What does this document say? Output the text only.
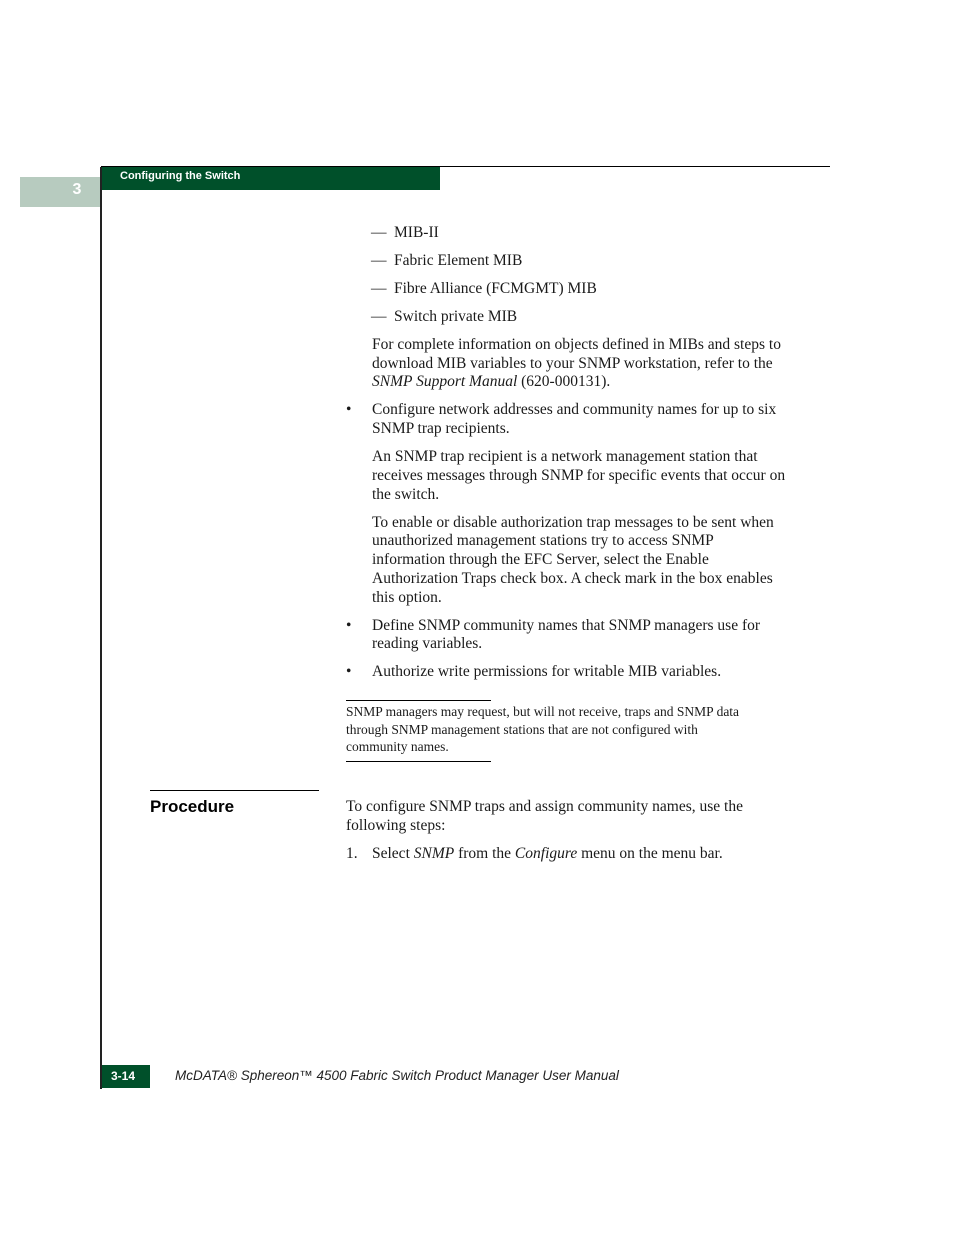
3
Configuring the Switch
— MIB-II
— Fabric Element MIB
— Fibre Alliance (FCMGMT) MIB
— Switch private MIB
For complete information on objects defined in MIBs and steps to
download MIB variables to your SNMP workstation, refer to the
SNMP Support Manual (620-000131).
• Configure network addresses and community names for up to six
SNMP trap recipients.
An SNMP trap recipient is a network management station that
receives messages through SNMP for specific events that occur on
the switch.
To enable or disable authorization trap messages to be sent when
unauthorized management stations try to access SNMP
information through the EFC Server, select the Enable
Authorization Traps check box. A check mark in the box enables
this option.
• Define SNMP community names that SNMP managers use for
reading variables.
• Authorize write permissions for writable MIB variables.
SNMP managers may request, but will not receive, traps and SNMP data
through SNMP management stations that are not configured with
community names.
Procedure	To configure SNMP traps and assign community names, use the
following steps:
1. Select SNMP from the Configure menu on the menu bar.
3-14	McDATA® Sphereon™ 4500 Fabric Switch Product Manager User Manual
